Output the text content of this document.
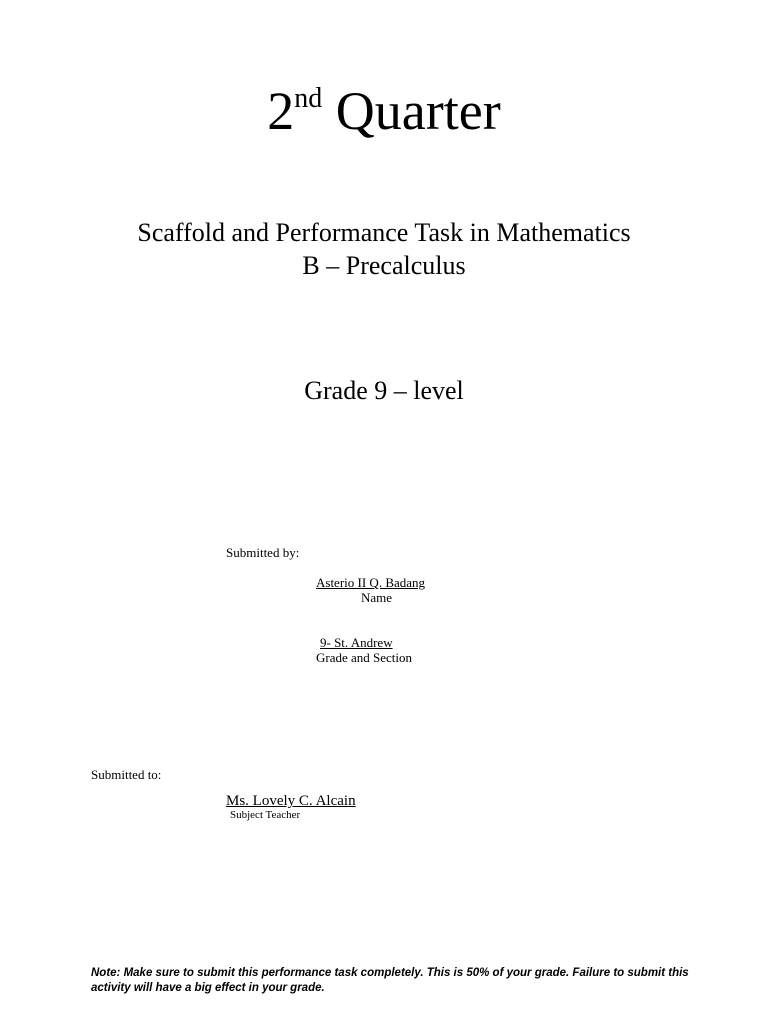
2nd Quarter
Scaffold and Performance Task in Mathematics
B – Precalculus
Grade 9 – level
Submitted by:
Asterio II Q. Badang
Name
9- St. Andrew
Grade and Section
Submitted to:
Ms. Lovely C. Alcain
Subject Teacher
Note: Make sure to submit this performance task completely. This is 50% of your grade. Failure to submit this activity will have a big effect in your grade.
